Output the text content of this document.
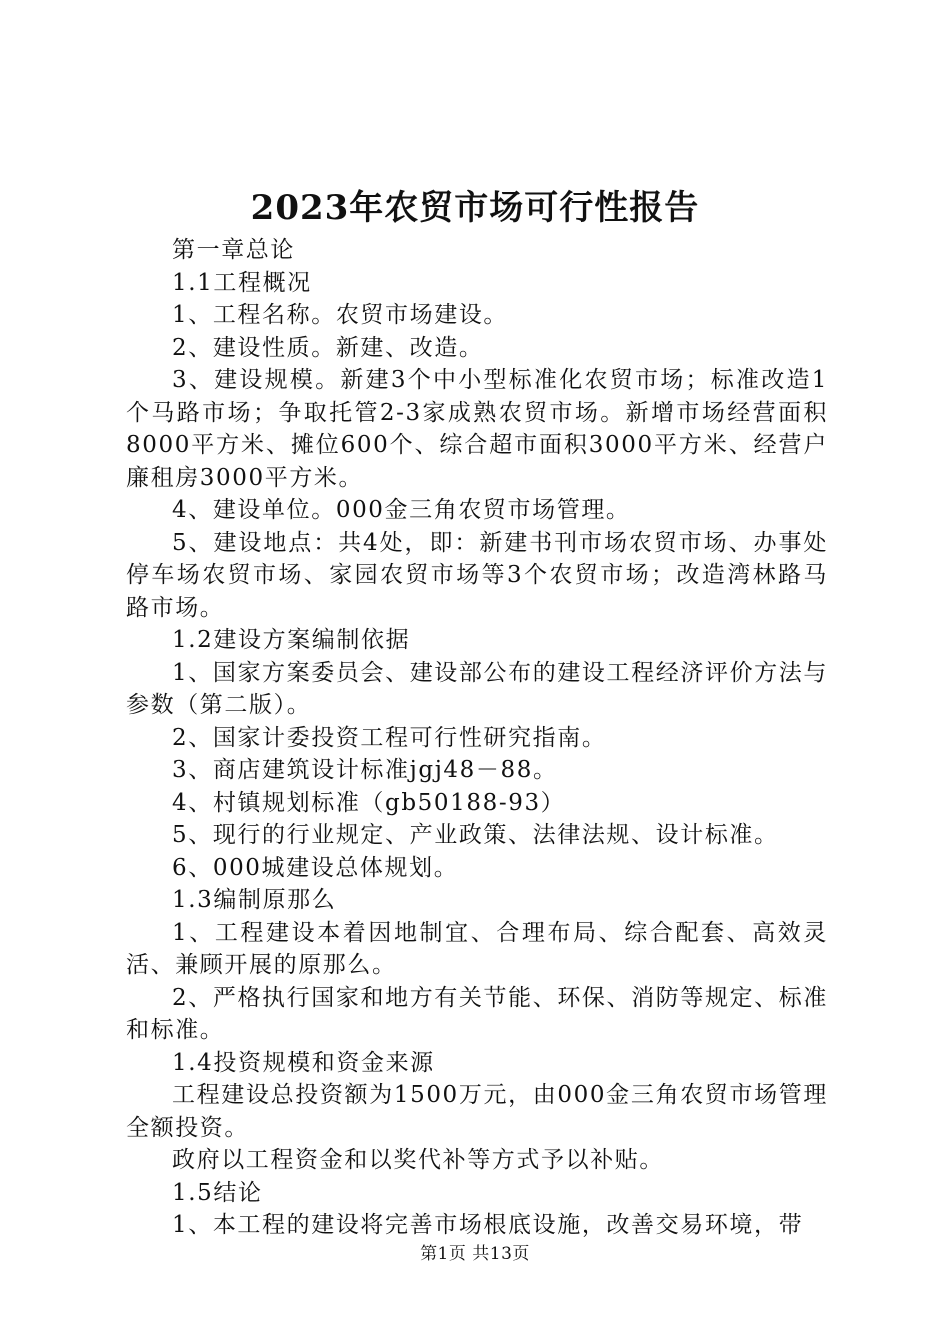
2023年农贸市场可行性报告

第一章总论

1.1工程概况

1、工程名称。农贸市场建设。

2、建设性质。新建、改造。

3、建设规模。新建3个中小型标准化农贸市场；标准改造1个马路市场；争取托管2-3家成熟农贸市场。新增市场经营面积8000平方米、摊位600个、综合超市面积3000平方米、经营户廉租房3000平方米。

4、建设单位。000金三角农贸市场管理。

5、建设地点：共4处，即：新建书刊市场农贸市场、办事处停车场农贸市场、家园农贸市场等3个农贸市场；改造湾林路马路市场。

1.2建设方案编制依据

1、国家方案委员会、建设部公布的建设工程经济评价方法与参数（第二版）。

2、国家计委投资工程可行性研究指南。

3、商店建筑设计标准jgj48－88。

4、村镇规划标准（gb50188-93）

5、现行的行业规定、产业政策、法律法规、设计标准。

6、000城建设总体规划。

1.3编制原那么

1、工程建设本着因地制宜、合理布局、综合配套、高效灵活、兼顾开展的原那么。

2、严格执行国家和地方有关节能、环保、消防等规定、标准和标准。

1.4投资规模和资金来源

工程建设总投资额为1500万元，由000金三角农贸市场管理全额投资。

政府以工程资金和以奖代补等方式予以补贴。

1.5结论

1、本工程的建设将完善市场根底设施，改善交易环境，带

第1页 共13页
